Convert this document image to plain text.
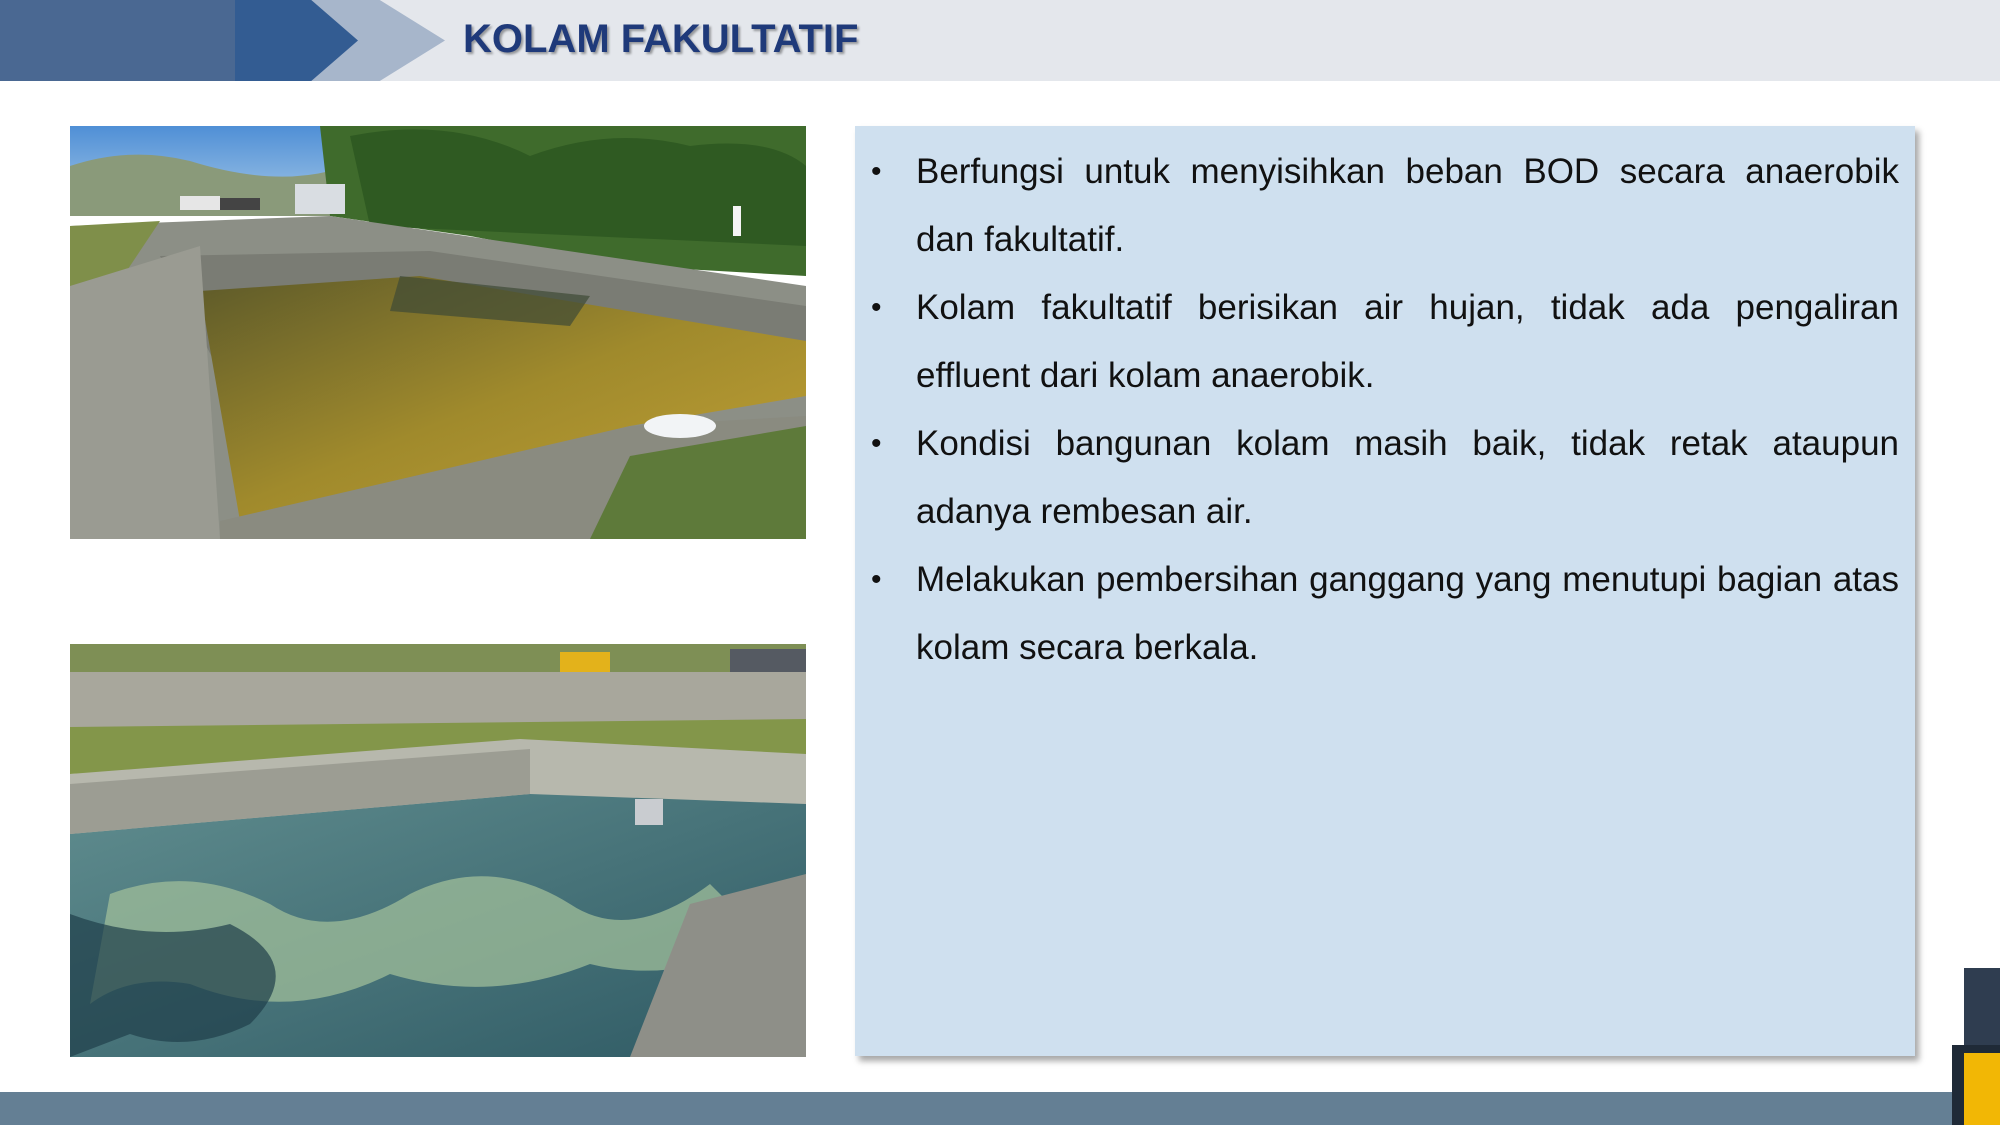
KOLAM FAKULTATIF
• Berfungsi untuk menyisihkan beban BOD secara anaerobik dan fakultatif.
• Kolam fakultatif berisikan air hujan, tidak ada pengaliran effluent dari kolam anaerobik.
• Kondisi bangunan kolam masih baik, tidak retak ataupun adanya rembesan air.
• Melakukan pembersihan ganggang yang menutupi bagian atas kolam secara berkala.
